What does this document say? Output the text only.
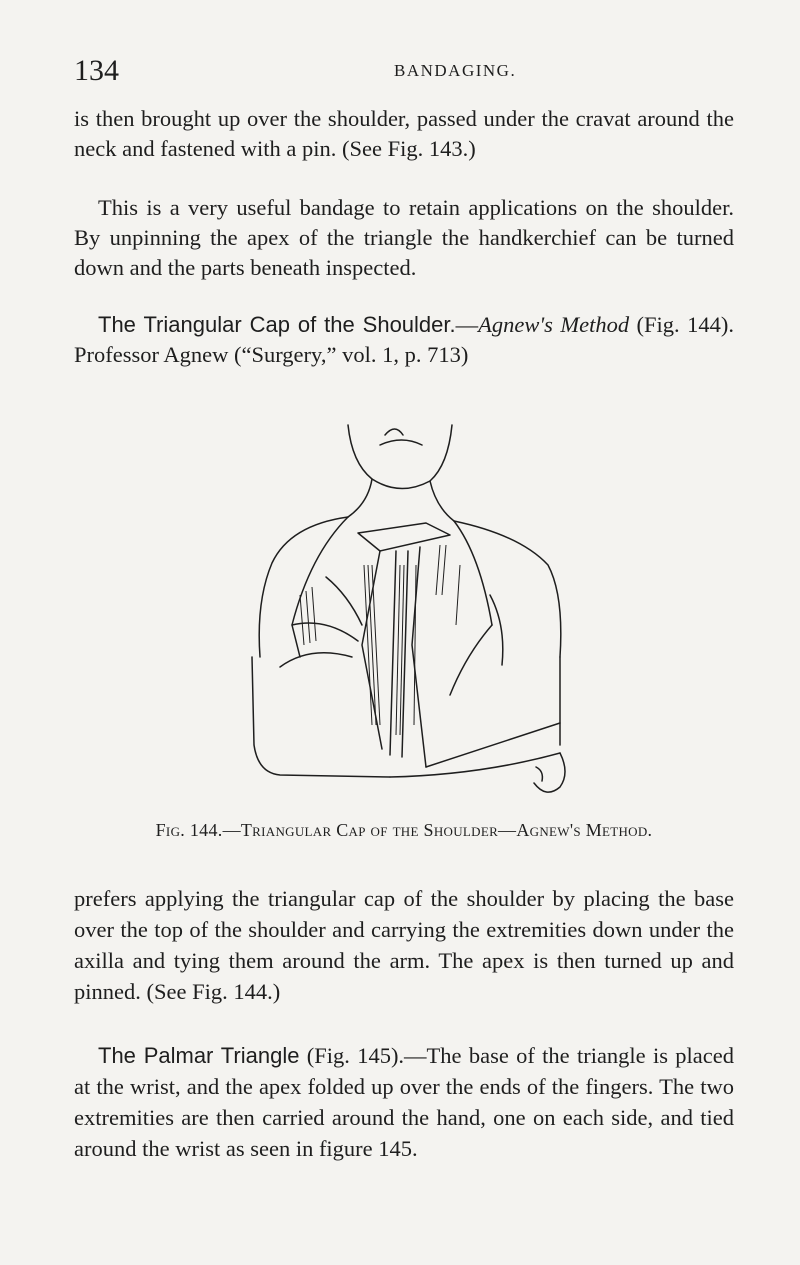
134	BANDAGING.

is then brought up over the shoulder, passed under the cravat around the neck and fastened with a pin. (See Fig. 143.)

This is a very useful bandage to retain applications on the shoulder. By unpinning the apex of the triangle the handkerchief can be turned down and the parts beneath inspected.

The Triangular Cap of the Shoulder.—Agnew's Method (Fig. 144). Professor Agnew (“Surgery,” vol. 1, p. 713)

Fig. 144.—Triangular Cap of the Shoulder—Agnew's Method.

prefers applying the triangular cap of the shoulder by placing the base over the top of the shoulder and carrying the extremities down under the axilla and tying them around the arm. The apex is then turned up and pinned. (See Fig. 144.)

The Palmar Triangle (Fig. 145).—The base of the triangle is placed at the wrist, and the apex folded up over the ends of the fingers. The two extremities are then carried around the hand, one on each side, and tied around the wrist as seen in figure 145.
